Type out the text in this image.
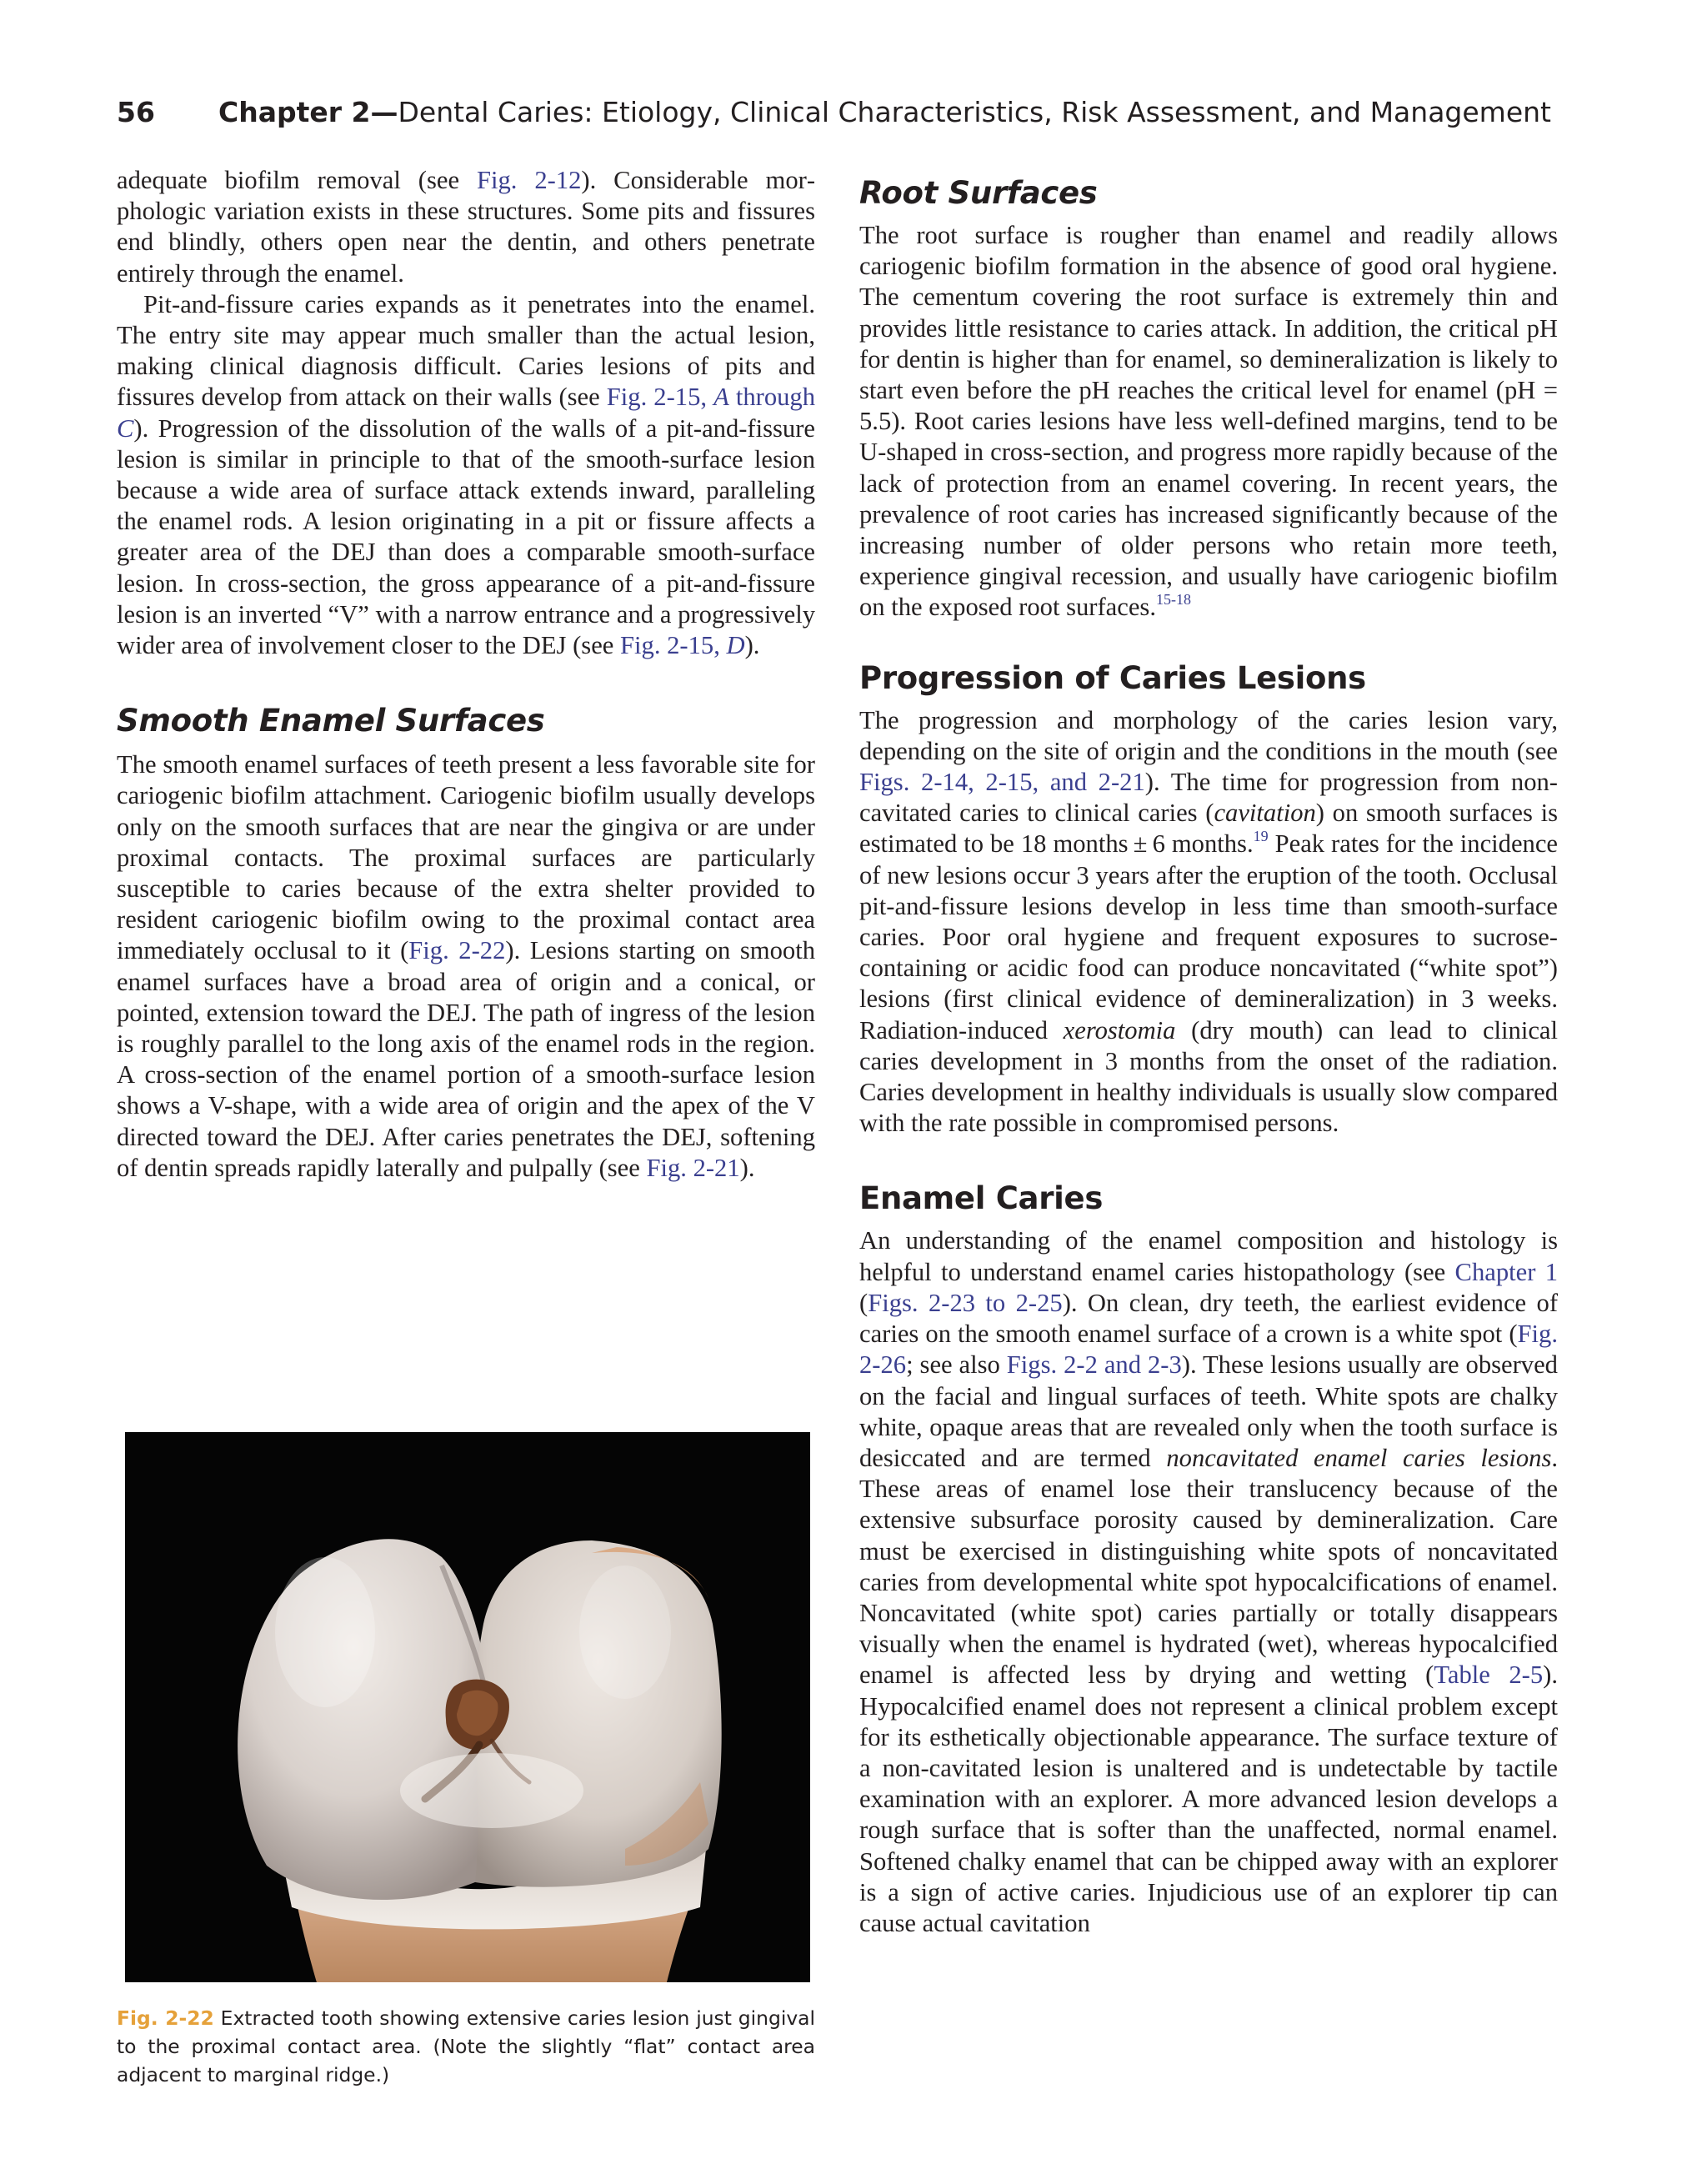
56 Chapter 2—Dental Caries: Etiology, Clinical Characteristics, Risk Assessment, and Management

adequate biofilm removal (see Fig. 2-12). Considerable morphologic variation exists in these structures. Some pits and fissures end blindly, others open near the dentin, and others penetrate entirely through the enamel.

Pit-and-fissure caries expands as it penetrates into the enamel. The entry site may appear much smaller than the actual lesion, making clinical diagnosis difficult. Caries lesions of pits and fissures develop from attack on their walls (see Fig. 2-15, A through C). Progression of the dissolution of the walls of a pit-and-fissure lesion is similar in principle to that of the smooth-surface lesion because a wide area of surface attack extends inward, paralleling the enamel rods. A lesion originating in a pit or fissure affects a greater area of the DEJ than does a comparable smooth-surface lesion. In cross-section, the gross appearance of a pit-and-fissure lesion is an inverted “V” with a narrow entrance and a progressively wider area of involvement closer to the DEJ (see Fig. 2-15, D).

Smooth Enamel Surfaces

The smooth enamel surfaces of teeth present a less favorable site for cariogenic biofilm attachment. Cariogenic biofilm usually develops only on the smooth surfaces that are near the gingiva or are under proximal contacts. The proximal surfaces are particularly susceptible to caries because of the extra shelter provided to resident cariogenic biofilm owing to the proximal contact area immediately occlusal to it (Fig. 2-22). Lesions starting on smooth enamel surfaces have a broad area of origin and a conical, or pointed, extension toward the DEJ. The path of ingress of the lesion is roughly parallel to the long axis of the enamel rods in the region. A cross-section of the enamel portion of a smooth-surface lesion shows a V-shape, with a wide area of origin and the apex of the V directed toward the DEJ. After caries penetrates the DEJ, softening of dentin spreads rapidly laterally and pulpally (see Fig. 2-21).

Fig. 2-22 Extracted tooth showing extensive caries lesion just gingival to the proximal contact area. (Note the slightly “flat” contact area adjacent to marginal ridge.)
Root Surfaces

The root surface is rougher than enamel and readily allows cariogenic biofilm formation in the absence of good oral hygiene. The cementum covering the root surface is extremely thin and provides little resistance to caries attack. In addition, the critical pH for dentin is higher than for enamel, so demineralization is likely to start even before the pH reaches the critical level for enamel (pH = 5.5). Root caries lesions have less well-defined margins, tend to be U-shaped in cross-section, and progress more rapidly because of the lack of protection from an enamel covering. In recent years, the prevalence of root caries has increased significantly because of the increasing number of older persons who retain more teeth, experience gingival recession, and usually have cariogenic biofilm on the exposed root surfaces.$^{15-18}$

Progression of Caries Lesions

The progression and morphology of the caries lesion vary, depending on the site of origin and the conditions in the mouth (see Figs. 2-14, 2-15, and 2-21). The time for progression from non-cavitated caries to clinical caries (cavitation) on smooth surfaces is estimated to be 18 months ± 6 months.$^{19}$ Peak rates for the incidence of new lesions occur 3 years after the eruption of the tooth. Occlusal pit-and-fissure lesions develop in less time than smooth-surface caries. Poor oral hygiene and frequent exposures to sucrose-containing or acidic food can produce noncavitated (“white spot”) lesions (first clinical evidence of demineralization) in 3 weeks. Radiation-induced xerostomia (dry mouth) can lead to clinical caries development in 3 months from the onset of the radiation. Caries development in healthy individuals is usually slow compared with the rate possible in compromised persons.

Enamel Caries

An understanding of the enamel composition and histology is helpful to understand enamel caries histopathology (see Chapter 1 (Figs. 2-23 to 2-25). On clean, dry teeth, the earliest evidence of caries on the smooth enamel surface of a crown is a white spot (Fig. 2-26; see also Figs. 2-2 and 2-3). These lesions usually are observed on the facial and lingual surfaces of teeth. White spots are chalky white, opaque areas that are revealed only when the tooth surface is desiccated and are termed noncavitated enamel caries lesions. These areas of enamel lose their translucency because of the extensive subsurface porosity caused by demineralization. Care must be exercised in distinguishing white spots of noncavitated caries from developmental white spot hypocalcifications of enamel. Noncavitated (white spot) caries partially or totally disappears visually when the enamel is hydrated (wet), whereas hypocalcified enamel is affected less by drying and wetting (Table 2-5). Hypocalcified enamel does not represent a clinical problem except for its esthetically objectionable appearance. The surface texture of a non-cavitated lesion is unaltered and is undetectable by tactile examination with an explorer. A more advanced lesion develops a rough surface that is softer than the unaffected, normal enamel. Softened chalky enamel that can be chipped away with an explorer is a sign of active caries. Injudicious use of an explorer tip can cause actual cavitation
